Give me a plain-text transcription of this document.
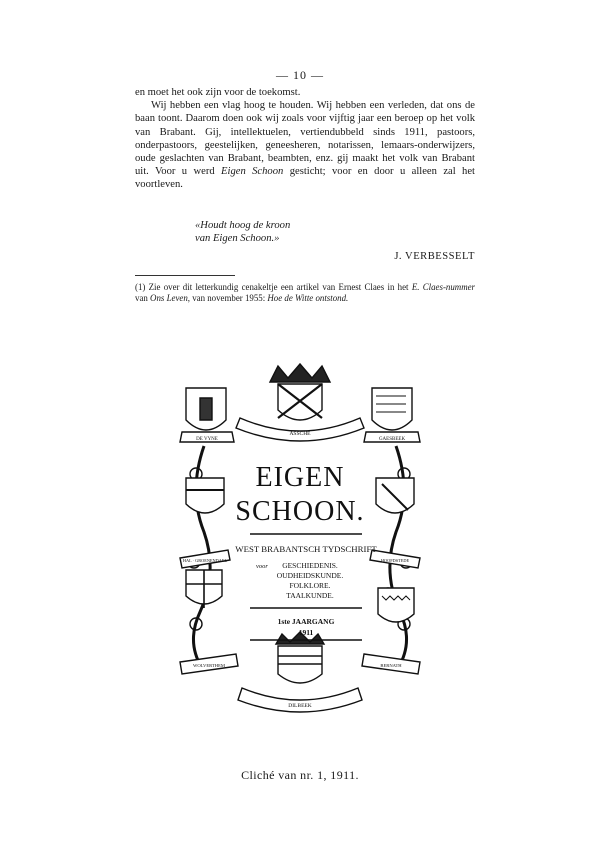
— 10 —

en moet het ook zijn voor de toekomst.

Wij hebben een vlag hoog te houden. Wij hebben een verleden, dat ons de baan toont. Daarom doen ook wij zoals voor vijftig jaar een beroep op het volk van Brabant. Gij, intellektuelen, vertiendubbeld sinds 1911, pastoors, onderpastoors, geestelijken, geneesheren, notarissen, lemaars-onderwijzers, oude geslachten van Brabant, beambten, enz. gij maakt het volk van Brabant uit. Voor u werd Eigen Schoon gesticht; voor en door u alleen zal het voortleven.

«Houdt hoog de kroon
van Eigen Schoon.»
J. VERBESSELT
(1) Zie over dit letterkundig cenakeltje een artikel van Ernest Claes in het E. Claes-nummer van Ons Leven, van november 1955: Hoe de Witte ontstond.
EIGEN
SCHOON.
WEST BRABANTSCH TYDSCHRIFT
voor GESCHIEDENIS.
OUDHEIDSKUNDE.
FOLKLORE.
TAALKUNDE.
1ste JAARGANG
1911
ASSCHE
DE VYNE	GAESBEEK
HAL · GROENENDAEL	HOOFDSTEDE
WOLVERTHEM	BERNATH
DILBEEK
Cliché van nr. 1, 1911.
